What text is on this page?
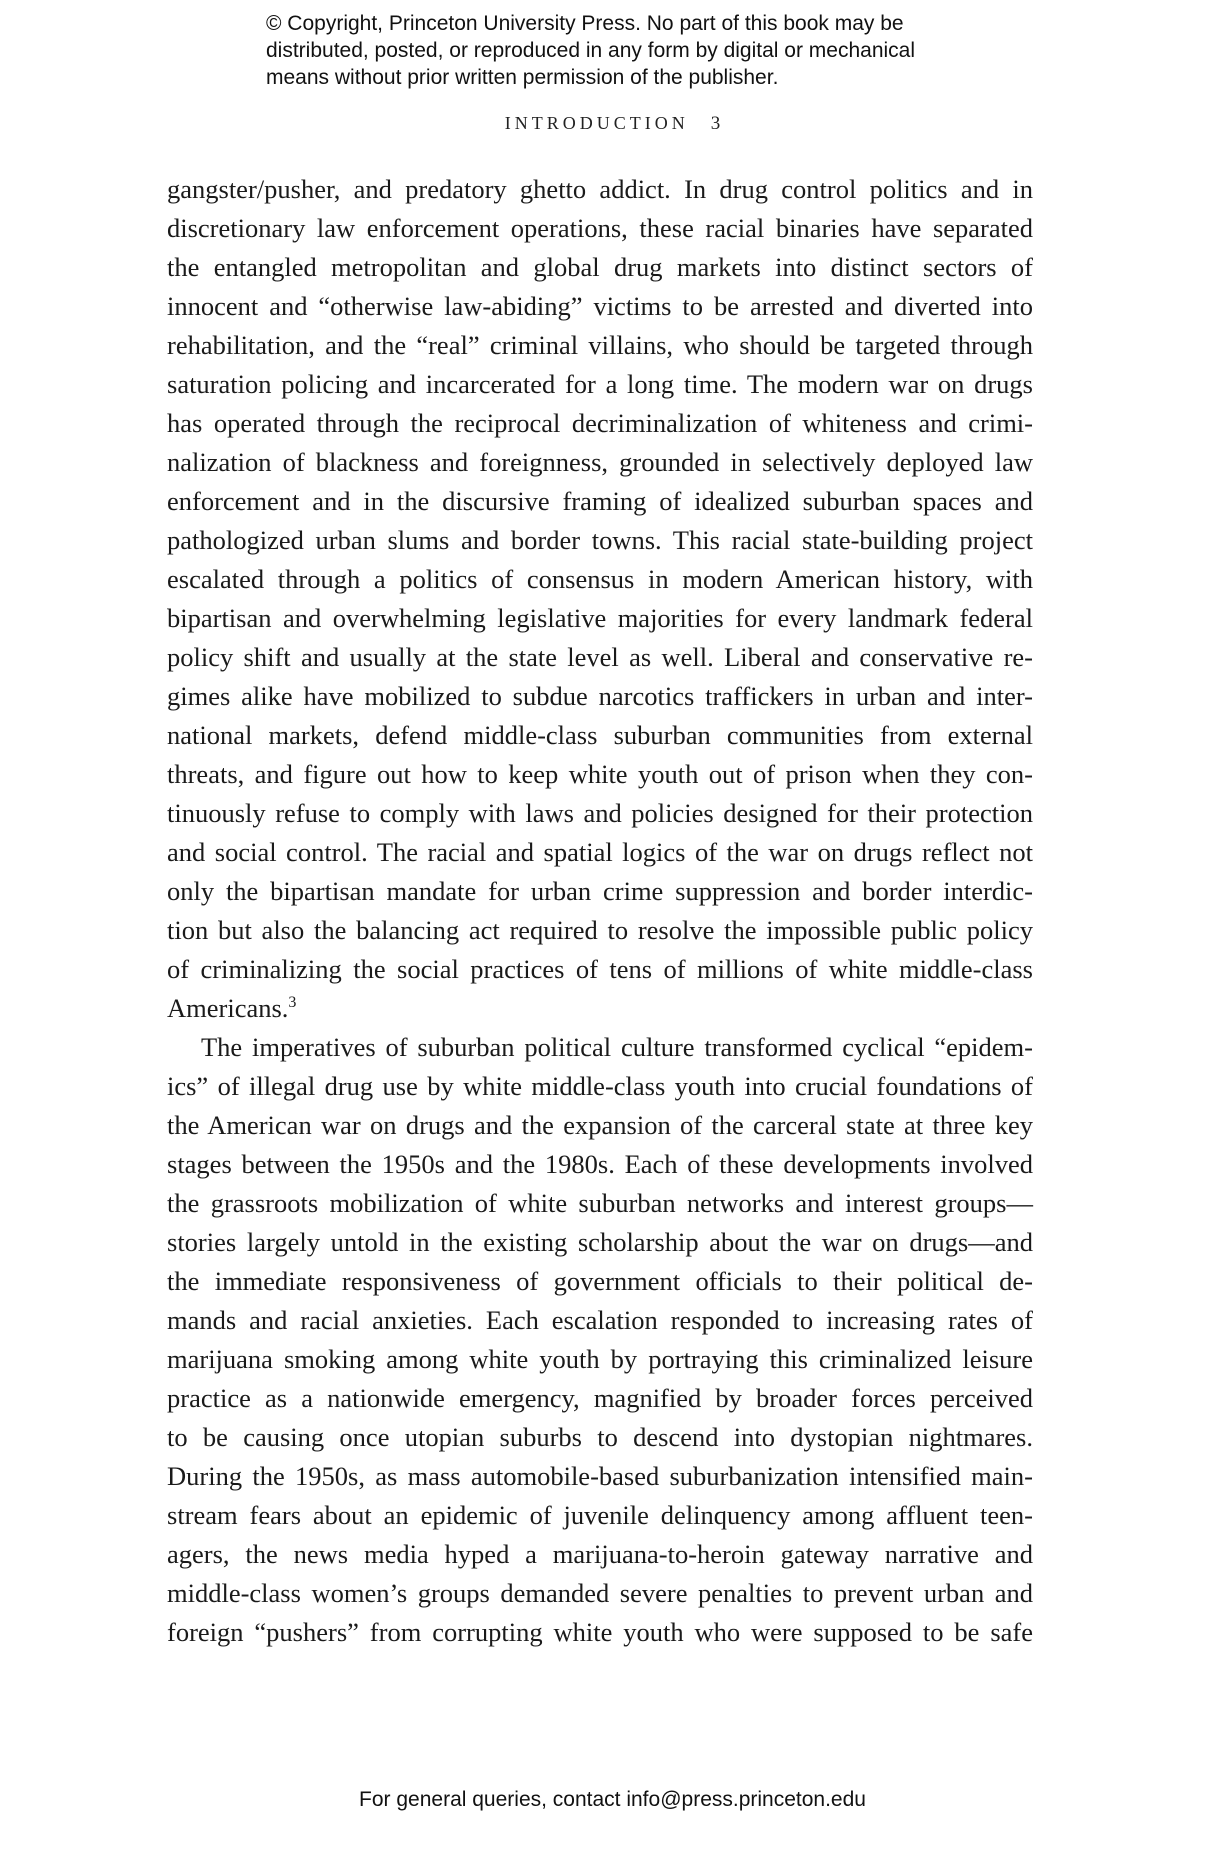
© Copyright, Princeton University Press. No part of this book may be
distributed, posted, or reproduced in any form by digital or mechanical
means without prior written permission of the publisher.
INTRODUCTION 3
gangster/pusher, and predatory ghetto addict. In drug control politics and in
discretionary law enforcement operations, these racial binaries have separated
the entangled metropolitan and global drug markets into distinct sectors of
innocent and “otherwise law-abiding” victims to be arrested and diverted into
rehabilitation, and the “real” criminal villains, who should be targeted through
saturation policing and incarcerated for a long time. The modern war on drugs
has operated through the reciprocal decriminalization of whiteness and crimi-
nalization of blackness and foreignness, grounded in selectively deployed law
enforcement and in the discursive framing of idealized suburban spaces and
pathologized urban slums and border towns. This racial state-building project
escalated through a politics of consensus in modern American history, with
bipartisan and overwhelming legislative majorities for every landmark federal
policy shift and usually at the state level as well. Liberal and conservative re-
gimes alike have mobilized to subdue narcotics traffickers in urban and inter-
national markets, defend middle-class suburban communities from external
threats, and figure out how to keep white youth out of prison when they con-
tinuously refuse to comply with laws and policies designed for their protection
and social control. The racial and spatial logics of the war on drugs reflect not
only the bipartisan mandate for urban crime suppression and border interdic-
tion but also the balancing act required to resolve the impossible public policy
of criminalizing the social practices of tens of millions of white middle-class
Americans.$^3$
The imperatives of suburban political culture transformed cyclical “epidem-
ics” of illegal drug use by white middle-class youth into crucial foundations of
the American war on drugs and the expansion of the carceral state at three key
stages between the 1950s and the 1980s. Each of these developments involved
the grassroots mobilization of white suburban networks and interest groups—
stories largely untold in the existing scholarship about the war on drugs—and
the immediate responsiveness of government officials to their political de-
mands and racial anxieties. Each escalation responded to increasing rates of
marijuana smoking among white youth by portraying this criminalized leisure
practice as a nationwide emergency, magnified by broader forces perceived
to be causing once utopian suburbs to descend into dystopian nightmares.
During the 1950s, as mass automobile-based suburbanization intensified main-
stream fears about an epidemic of juvenile delinquency among affluent teen-
agers, the news media hyped a marijuana-to-heroin gateway narrative and
middle-class women’s groups demanded severe penalties to prevent urban and
foreign “pushers” from corrupting white youth who were supposed to be safe
For general queries, contact info@press.princeton.edu
